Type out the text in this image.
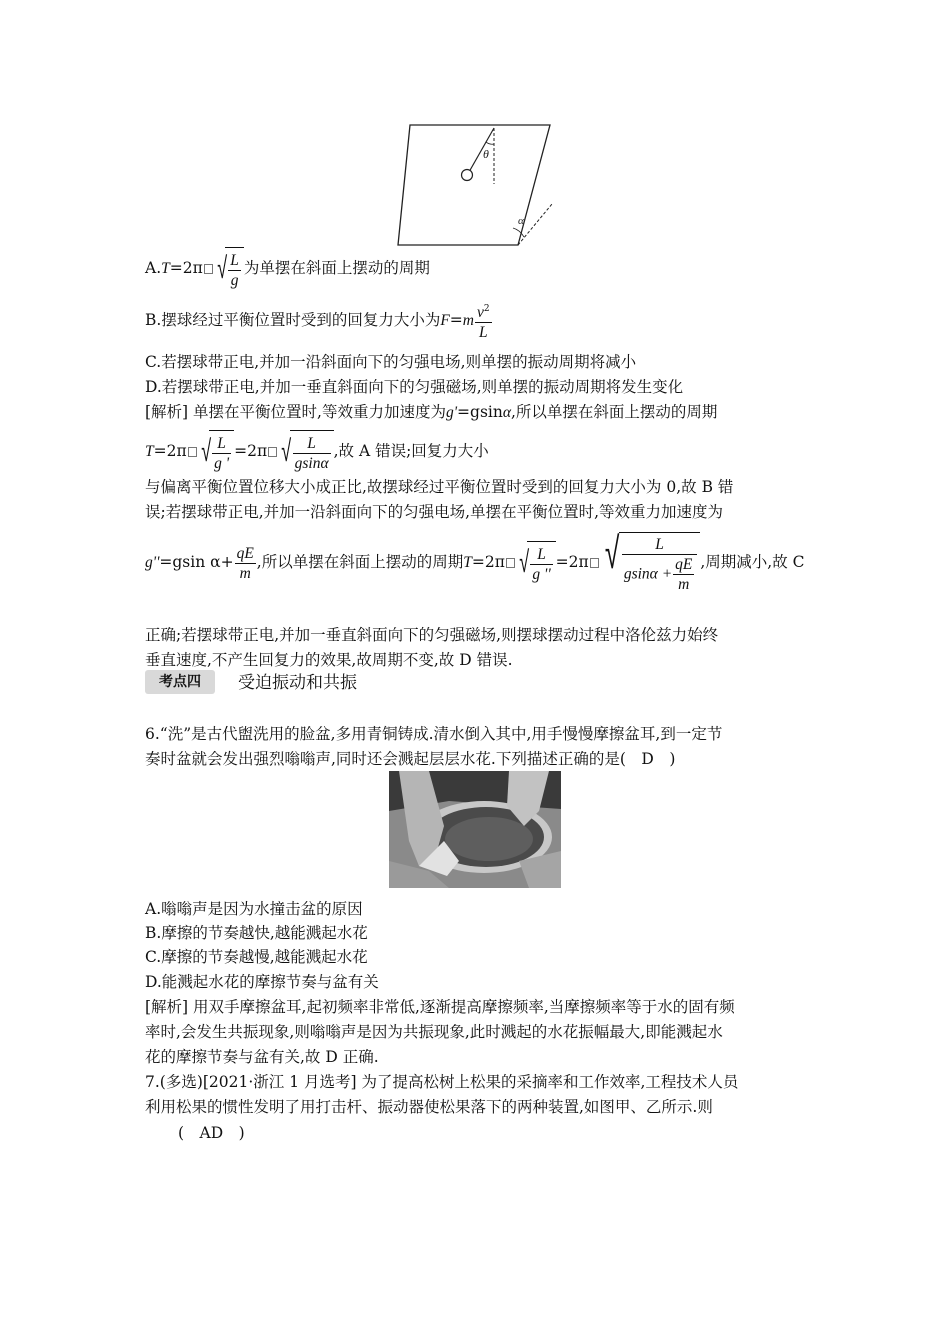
θ
α
A.T=2π √ $\frac{L}{g}$ 为单摆在斜面上摆动的周期
B.摆球经过平衡位置时受到的回复力大小为$F=m \frac{v^2}{L}$
C.若摆球带正电,并加一沿斜面向下的匀强电场,则单摆的振动周期将减小
D.若摆球带正电,并加一垂直斜面向下的匀强磁场,则单摆的振动周期将发生变化
[解析] 单摆在平衡位置时,等效重力加速度为g'=gsinα,所以单摆在斜面上摆动的周期
T=2π √ $\frac{L}{g '} =2\pi$ √ $\frac{L}{gsin\alpha}$ ,故 A 错误;回复力大小
与偏离平衡位置位移大小成正比,故摆球经过平衡位置时受到的回复力大小为 0,故 B 错
误;若摆球带正电,并加一沿斜面向下的匀强电场,单摆在平衡位置时,等效重力加速度为
g''=gsin $\alpha+ \frac{qE}{m}$ ,所以单摆在斜面上摆动的周期T=2π √ $\frac{L}{g ''} =2\pi$ √ $\frac{L}{gsin\alpha + \frac{qE}{m}}$ ,周期减小,故 C
正确;若摆球带正电,并加一垂直斜面向下的匀强磁场,则摆球摆动过程中洛伦兹力始终
垂直速度,不产生回复力的效果,故周期不变,故 D 错误.
考点四	受迫振动和共振
6.“洗”是古代盥洗用的脸盆,多用青铜铸成.清水倒入其中,用手慢慢摩擦盆耳,到一定节
奏时盆就会发出强烈嗡嗡声,同时还会溅起层层水花.下列描述正确的是(　D　)
A.嗡嗡声是因为水撞击盆的原因
B.摩擦的节奏越快,越能溅起水花
C.摩擦的节奏越慢,越能溅起水花
D.能溅起水花的摩擦节奏与盆有关
[解析] 用双手摩擦盆耳,起初频率非常低,逐渐提高摩擦频率,当摩擦频率等于水的固有频
率时,会发生共振现象,则嗡嗡声是因为共振现象,此时溅起的水花振幅最大,即能溅起水
花的摩擦节奏与盆有关,故 D 正确.
7.(多选)[2021·浙江 1 月选考] 为了提高松树上松果的采摘率和工作效率,工程技术人员
利用松果的惯性发明了用打击杆、振动器使松果落下的两种装置,如图甲、乙所示.则
(　AD　)
